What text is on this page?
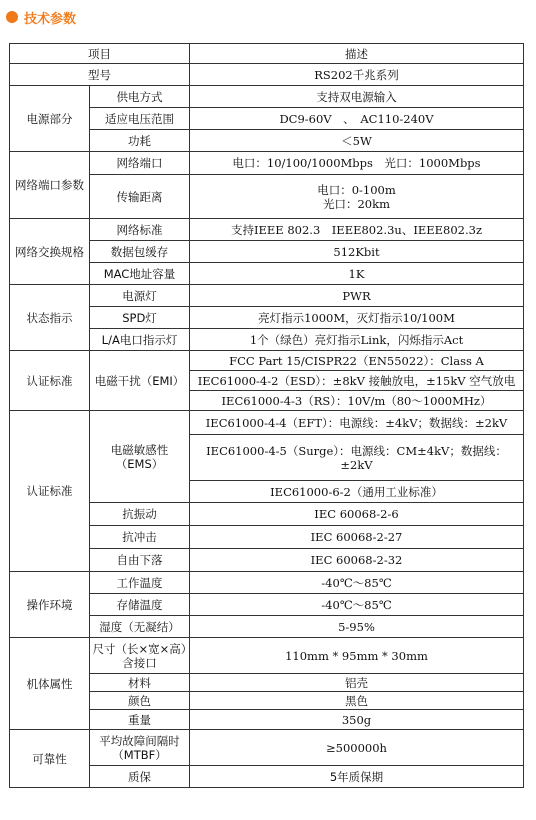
技术参数
项目		描述
型号		RS202千兆系列
电源部分	供电方式	支持双电源输入
	适应电压范围	DC9-60V　、　AC110-240V
	功耗	＜5W
网络端口参数	网络端口	电口：10/100/1000Mbps　光口：1000Mbps
	传输距离	电口：0-100m
光口：20km

网络交换规格	网络标准	支持IEEE 802.3　IEEE802.3u、IEEE802.3z
	数据包缓存	512Kbit
	MAC地址容量	1K
状态指示	电源灯	PWR
	SPD灯	亮灯指示1000M，灭灯指示10/100M
	L/A电口指示灯	1个（绿色）亮灯指示Link，闪烁指示Act
认证标准	电磁干扰（EMI）	FCC Part 15/CISPR22（EN55022）：Class A
		IEC61000-4-2（ESD）：±8kV 接触放电，±15kV 空气放电
		IEC61000-4-3（RS）：10V/m（80～1000MHz）
认证标准	电磁敏感性（EMS）	IEC61000-4-4（EFT）：电源线：±4kV；数据线：±2kV
		IEC61000-4-5（Surge）：电源线：CM±4kV；数据线：±2kV
		IEC61000-6-2（通用工业标准）
	抗振动	IEC 60068-2-6
	抗冲击	IEC 60068-2-27
	自由下落	IEC 60068-2-32
操作环境	工作温度	-40℃～85℃
	存储温度	-40℃～85℃
	湿度（无凝结）	5-95%
机体属性	尺寸（长×宽×高）含接口	110mm * 95mm * 30mm
	材料	铝壳
	颜色	黑色
	重量	350g
可靠性	平均故障间隔时（MTBF）	≥500000h
	质保	5年质保期
